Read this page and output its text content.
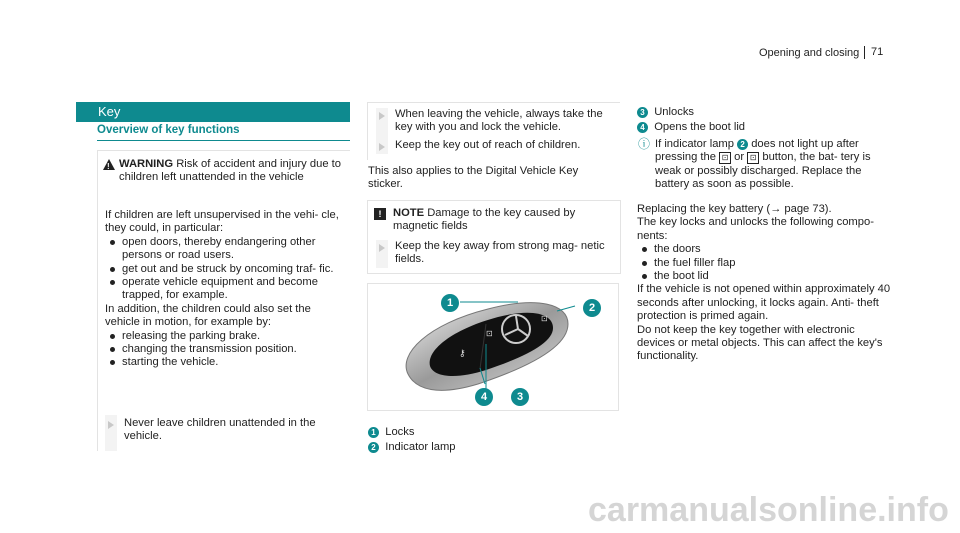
Opening and closing	71
Key
Overview of key functions
!
WARNING Risk of accident and injury due to children left unattended in the vehicle

If children are left unsupervised in the vehi- cle, they could, in particular:

open doors, thereby endangering other persons or road users.
get out and be struck by oncoming traf- fic.
operate vehicle equipment and become trapped, for example.

In addition, the children could also set the vehicle in motion, for example by:

releasing the parking brake.
changing the transmission position.
starting the vehicle.
Never leave children unattended in the vehicle.
When leaving the vehicle, always take the key with you and lock the vehicle.
Keep the key out of reach of children.
This also applies to the Digital Vehicle Key sticker.
!	NOTE Damage to the key caused by magnetic fields
Keep the key away from strong mag- netic fields.
⚷
⊡
⊡
1	2
3
4
1 Locks
2 Indicator lamp
3 Unlocks
4 Opens the boot lid
ⓘ If indicator lamp 2 does not light up after pressing the ⊡ or ⊡ button, the bat- tery is weak or possibly discharged. Replace the battery as soon as possible.

Replacing the key battery (→ page 73).

The key locks and unlocks the following compo- nents:

the doors
the fuel filler flap
the boot lid

If the vehicle is not opened within approximately 40 seconds after unlocking, it locks again. Anti- theft protection is primed again.

Do not keep the key together with electronic devices or metal objects. This can affect the key's functionality.

carmanualsonline.info
